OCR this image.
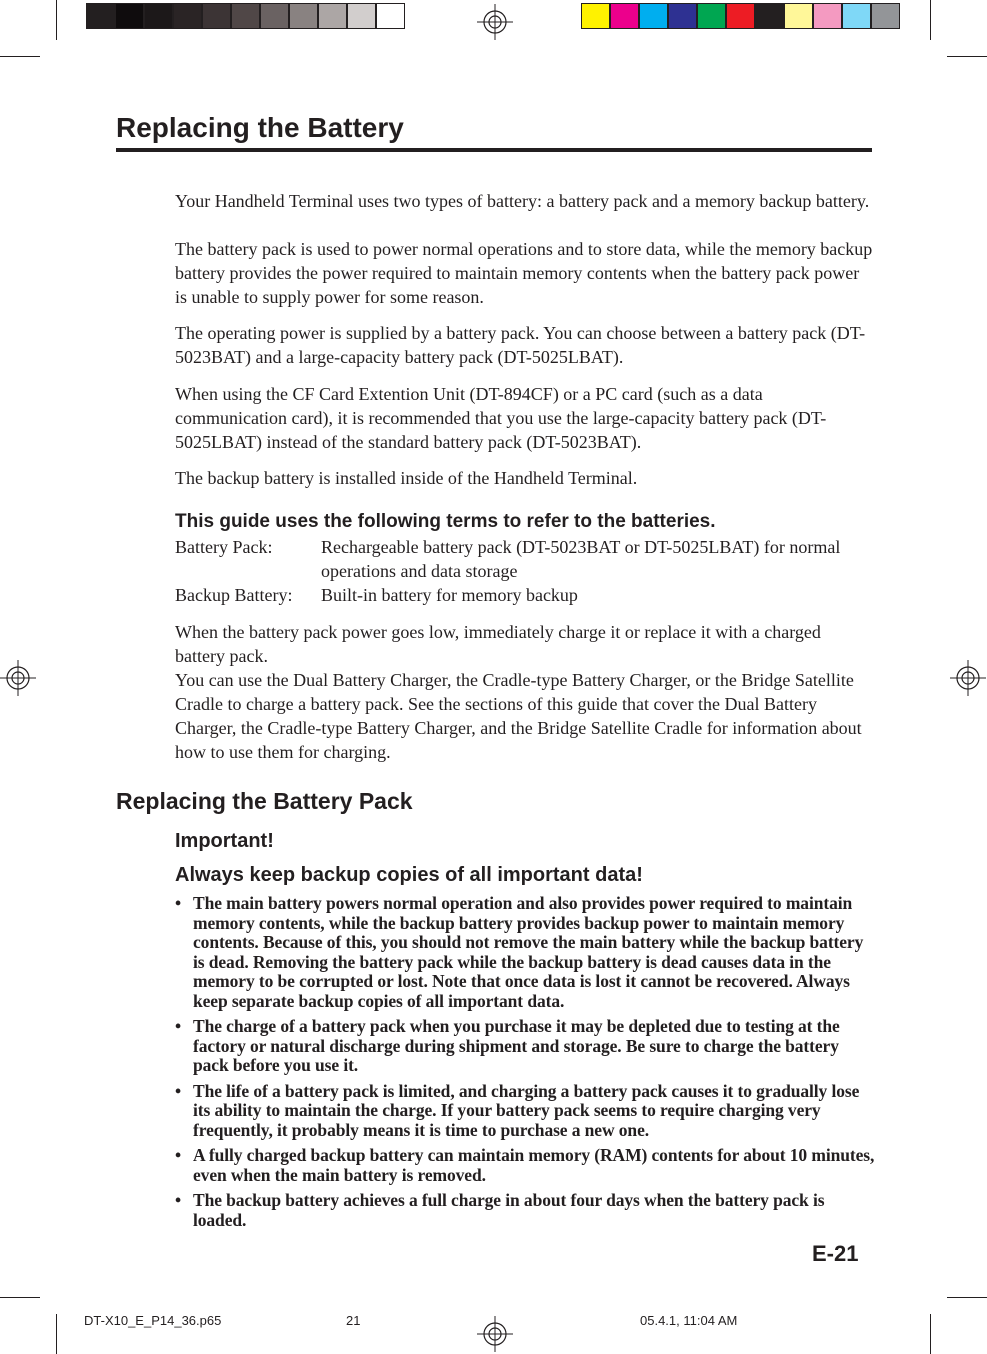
Replacing the Battery

Your Handheld Terminal uses two types of battery: a battery pack and a memory backup battery.

The battery pack is used to power normal operations and to store data, while the memory backup battery provides the power required to maintain memory contents when the battery pack power is unable to supply power for some reason.

The operating power is supplied by a battery pack. You can choose between a battery pack (DT-5023BAT) and a large-capacity battery pack (DT-5025LBAT).

When using the CF Card Extention Unit (DT-894CF) or a PC card (such as a data communication card), it is recommended that you use the large-capacity battery pack (DT-5025LBAT) instead of the standard battery pack (DT-5023BAT).

The backup battery is installed inside of the Handheld Terminal.

This guide uses the following terms to refer to the batteries.

Battery Pack:	Rechargeable battery pack (DT-5023BAT or DT-5025LBAT) for normal operations and data storage
Backup Battery: Built-in battery for memory backup

When the battery pack power goes low, immediately charge it or replace it with a charged battery pack.

You can use the Dual Battery Charger, the Cradle-type Battery Charger, or the Bridge Satellite Cradle to charge a battery pack. See the sections of this guide that cover the Dual Battery Charger, the Cradle-type Battery Charger, and the Bridge Satellite Cradle for information about how to use them for charging.

Replacing the Battery Pack

Important!

Always keep backup copies of all important data!

• The main battery powers normal operation and also provides power required to maintain memory contents, while the backup battery provides backup power to maintain memory contents. Because of this, you should not remove the main battery while the backup battery is dead. Removing the battery pack while the backup battery is dead causes data in the memory to be corrupted or lost. Note that once data is lost it cannot be recovered. Always keep separate backup copies of all important data.
• The charge of a battery pack when you purchase it may be depleted due to testing at the factory or natural discharge during shipment and storage. Be sure to charge the battery pack before you use it.
• The life of a battery pack is limited, and charging a battery pack causes it to gradually lose its ability to maintain the charge. If your battery pack seems to require charging very frequently, it probably means it is time to purchase a new one.
• A fully charged backup battery can maintain memory (RAM) contents for about 10 minutes, even when the main battery is removed.
• The backup battery achieves a full charge in about four days when the battery pack is loaded.

E-21

DT-X10_E_P14_36.p65	21	05.4.1, 11:04 AM
